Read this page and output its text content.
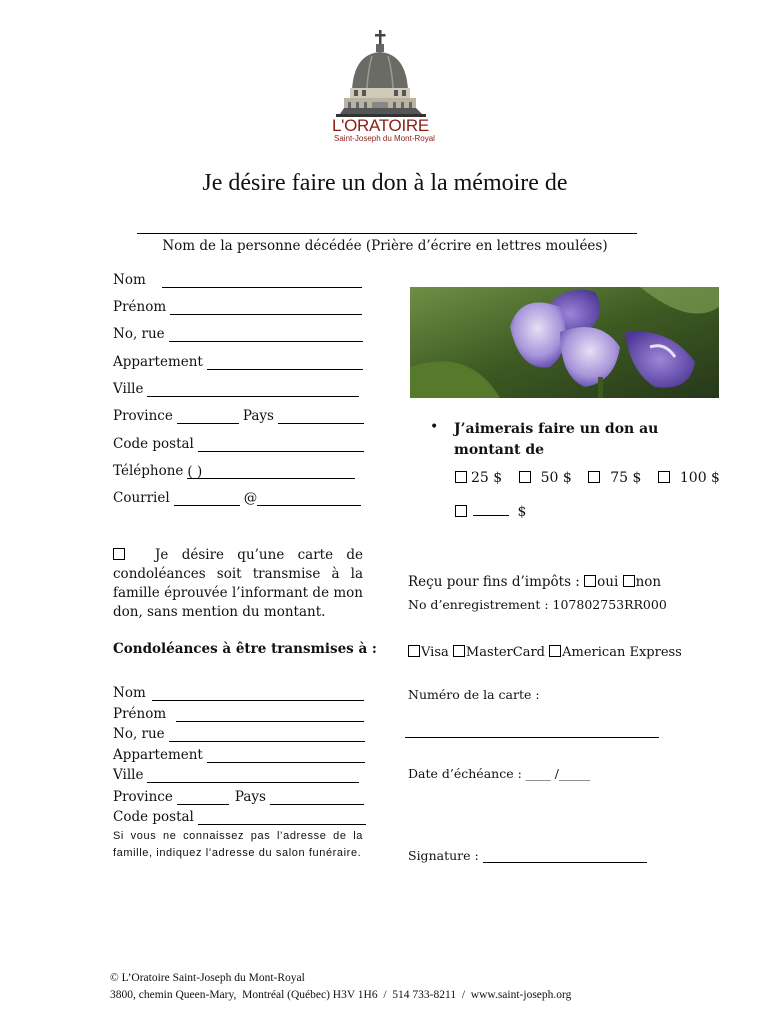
L'ORATOIRE
Saint-Joseph du Mont-Royal
Je désire faire un don à la mémoire de
Nom de la personne décédée (Prière d’écrire en lettres moulées)
Nom
Prénom
No, rue
Appartement
Ville
Province	Pays
Code postal
Téléphone ( )
Courriel	@
• J’aimerais faire un don au montant de
25 $	50 $	75 $	100 $
$
Je désire qu’une carte de condoléances soit transmise à la famille éprouvée l’informant de mon don, sans mention du montant.
Reçu pour fins d’impôts : oui non
No d’enregistrement : 107802753RR000
Visa MasterCard American Express
Numéro de la carte :
Date d’échéance : ____ /_____
Signature :
Condoléances à être transmises à :
Nom
Prénom
No, rue
Appartement
Ville
Province	Pays
Code postal
Si vous ne connaissez pas l’adresse de la famille, indiquez l’adresse du salon funéraire.
© L’Oratoire Saint-Joseph du Mont-Royal
3800, chemin Queen-Mary,  Montréal (Québec) H3V 1H6  /  514 733-8211  /  www.saint-joseph.org
